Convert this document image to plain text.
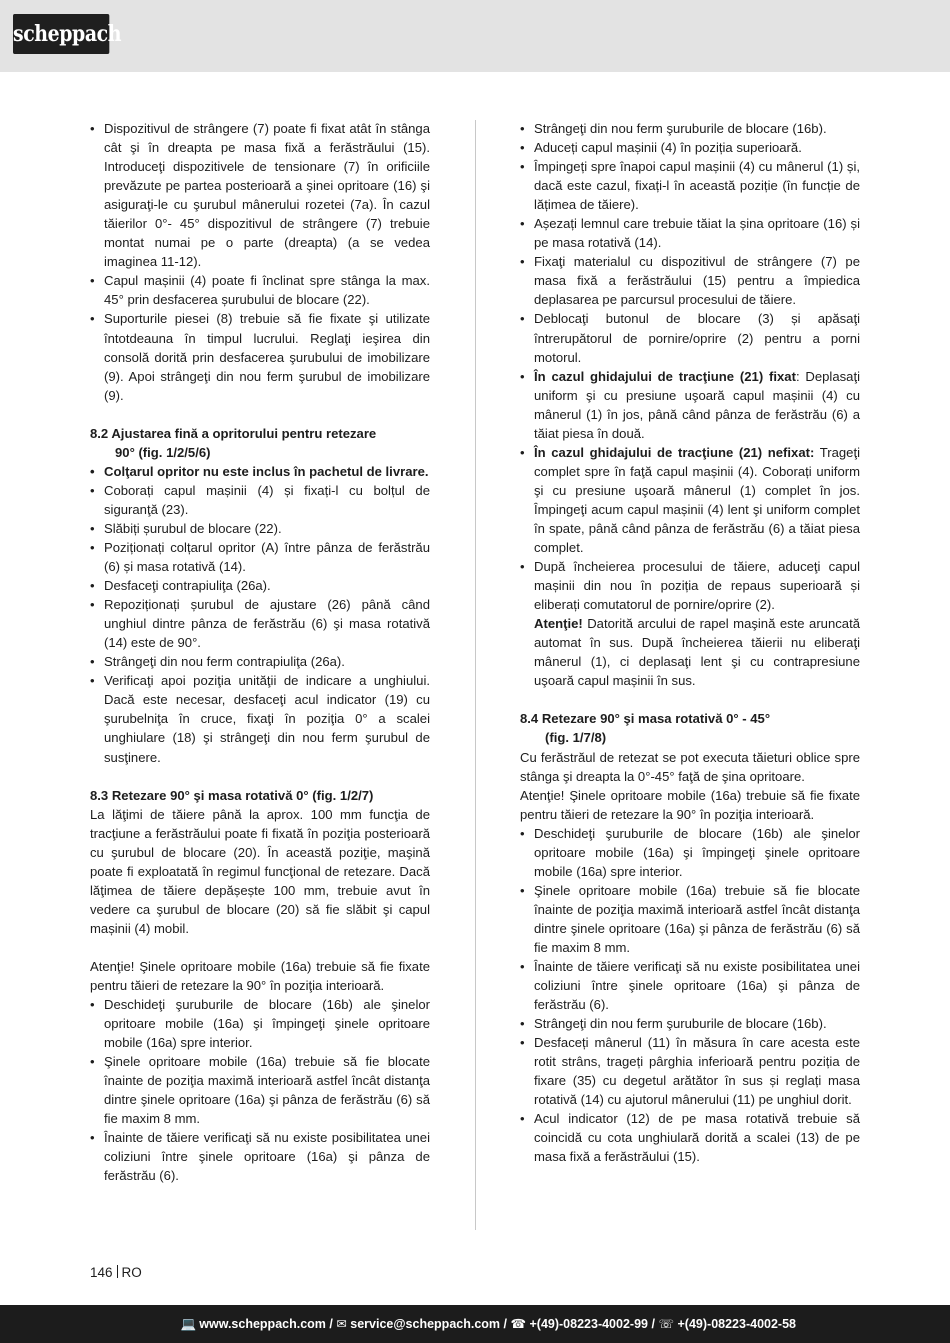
scheppach
• Dispozitivul de strângere (7) poate fi fixat atât în stânga cât şi în dreapta pe masa fixă a ferăstrăului (15). Introduceţi dispozitivele de tensionare (7) în orificiile prevăzute pe partea posterioară a şinei opritoare (16) şi asiguraţi-le cu şurubul mânerului rozetei (7a). În cazul tăierilor 0°- 45° dispozitivul de strângere (7) trebuie montat numai pe o parte (dreapta) (a se vedea imaginea 11-12).
• Capul mașinii (4) poate fi înclinat spre stânga la max. 45° prin desfacerea șurubului de blocare (22).
• Suporturile piesei (8) trebuie să fie fixate şi utilizate întotdeauna în timpul lucrului. Reglaţi ieşirea din consolă dorită prin desfacerea şurubului de imobilizare (9). Apoi strângeţi din nou ferm şurubul de imobilizare (9).

8.2 Ajustarea fină a opritorului pentru retezare
90° (fig. 1/2/5/6)

• Colţarul opritor nu este inclus în pachetul de livrare.
• Coborați capul mașinii (4) și fixați-l cu bolțul de siguranţă (23).
• Slăbiți șurubul de blocare (22).
• Poziționați colțarul opritor (A) între pânza de ferăstrău (6) și masa rotativă (14).
• Desfaceţi contrapiuliţa (26a).
• Repoziționați șurubul de ajustare (26) până când unghiul dintre pânza de ferăstrău (6) şi masa rotativă (14) este de 90°.
• Strângeţi din nou ferm contrapiuliţa (26a).
• Verificaţi apoi poziţia unităţii de indicare a unghiului. Dacă este necesar, desfaceţi acul indicator (19) cu şurubelniţa în cruce, fixaţi în poziţia 0° a scalei unghiulare (18) şi strângeţi din nou ferm şurubul de susţinere.

8.3 Retezare 90° şi masa rotativă 0° (fig. 1/2/7)

La lăţimi de tăiere până la aprox. 100 mm funcţia de tracţiune a ferăstrăului poate fi fixată în poziţia posterioară cu şurubul de blocare (20). În această poziţie, maşină poate fi exploatată în regimul funcţional de retezare. Dacă lăţimea de tăiere depășește 100 mm, trebuie avut în vedere ca şurubul de blocare (20) să fie slăbit şi capul mașinii (4) mobil.

Atenţie! Şinele opritoare mobile (16a) trebuie să fie fixate pentru tăieri de retezare la 90° în poziţia interioară.

• Deschideţi şuruburile de blocare (16b) ale şinelor opritoare mobile (16a) şi împingeţi şinele opritoare mobile (16a) spre interior.
• Şinele opritoare mobile (16a) trebuie să fie blocate înainte de poziţia maximă interioară astfel încât distanţa dintre şinele opritoare (16a) şi pânza de ferăstrău (6) să fie maxim 8 mm.
• Înainte de tăiere verificaţi să nu existe posibilitatea unei coliziuni între şinele opritoare (16a) şi pânza de ferăstrău (6).
• Strângeţi din nou ferm şuruburile de blocare (16b).
• Aduceți capul mașinii (4) în poziția superioară.
• Împingeți spre înapoi capul mașinii (4) cu mânerul (1) și, dacă este cazul, fixați-l în această poziție (în funcție de lățimea de tăiere).
• Așezați lemnul care trebuie tăiat la șina opritoare (16) și pe masa rotativă (14).
• Fixaţi materialul cu dispozitivul de strângere (7) pe masa fixă a ferăstrăului (15) pentru a împiedica deplasarea pe parcursul procesului de tăiere.
• Deblocaţi butonul de blocare (3) și apăsaţi întrerupătorul de pornire/oprire (2) pentru a porni motorul.
• În cazul ghidajului de tracţiune (21) fixat: Deplasaţi uniform şi cu presiune uşoară capul mașinii (4) cu mânerul (1) în jos, până când pânza de ferăstrău (6) a tăiat piesa în două.
• În cazul ghidajului de tracţiune (21) nefixat: Trageţi complet spre în faţă capul mașinii (4). Coborați uniform şi cu presiune uşoară mânerul (1) complet în jos. Împingeţi acum capul mașinii (4) lent şi uniform complet în spate, până când pânza de ferăstrău (6) a tăiat piesa complet.
• După încheierea procesului de tăiere, aduceţi capul mașinii din nou în poziția de repaus superioară și eliberați comutatorul de pornire/oprire (2).

Atenţie! Datorită arcului de rapel maşină este aruncată automat în sus. După încheierea tăierii nu eliberaţi mânerul (1), ci deplasaţi lent şi cu contrapresiune uşoară capul mașinii în sus.

8.4 Retezare 90° şi masa rotativă 0° - 45°
(fig. 1/7/8)

Cu ferăstrăul de retezat se pot executa tăieturi oblice spre stânga şi dreapta la 0°-45° faţă de şina opritoare.

Atenţie! Şinele opritoare mobile (16a) trebuie să fie fixate pentru tăieri de retezare la 90° în poziţia interioară.

• Deschideţi şuruburile de blocare (16b) ale şinelor opritoare mobile (16a) şi împingeţi şinele opritoare mobile (16a) spre interior.
• Şinele opritoare mobile (16a) trebuie să fie blocate înainte de poziţia maximă interioară astfel încât distanţa dintre şinele opritoare (16a) şi pânza de ferăstrău (6) să fie maxim 8 mm.
• Înainte de tăiere verificaţi să nu existe posibilitatea unei coliziuni între şinele opritoare (16a) şi pânza de ferăstrău (6).
• Strângeţi din nou ferm şuruburile de blocare (16b).
• Desfaceți mânerul (11) în măsura în care acesta este rotit strâns, trageți pârghia inferioară pentru poziția de fixare (35) cu degetul arătător în sus și reglați masa rotativă (14) cu ajutorul mânerului (11) pe unghiul dorit.
• Acul indicator (12) de pe masa rotativă trebuie să coincidă cu cota unghiulară dorită a scalei (13) de pe masa fixă a ferăstrăului (15).
146 RO
💻 www.scheppach.com / ✉ service@scheppach.com / ☎ +(49)-08223-4002-99 / ☏ +(49)-08223-4002-58
